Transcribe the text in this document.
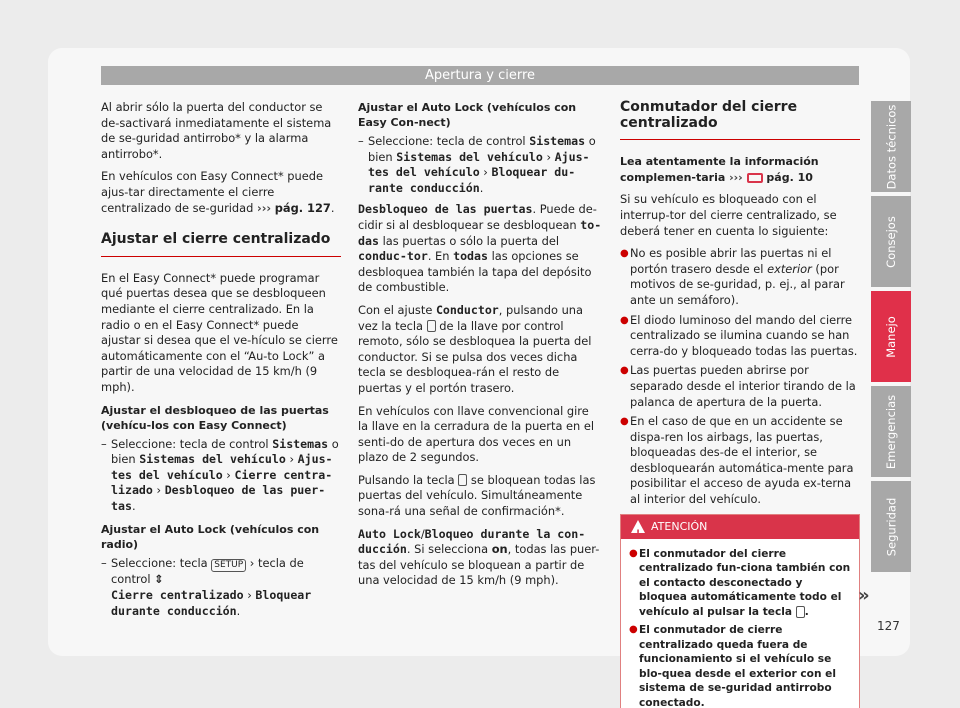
Apertura y cierre

Al abrir sólo la puerta del conductor se de-sactivará inmediatamente el sistema de se-guridad antirrobo* y la alarma antirrobo*.

En vehículos con Easy Connect* puede ajus-tar directamente el cierre centralizado de se-guridad ››› pág. 127.

Ajustar el cierre centralizado

En el Easy Connect* puede programar qué puertas desea que se desbloqueen mediante el cierre centralizado. En la radio o en el Easy Connect* puede ajustar si desea que el ve-hículo se cierre automáticamente con el “Au-to Lock” a partir de una velocidad de 15 km/h (9 mph).

Ajustar el desbloqueo de las puertas (vehícu-los con Easy Connect)
– Seleccione: tecla de control Sistemas o bien Sistemas del vehículo › Ajus-tes del vehículo › Cierre centra-lizado › Desbloqueo de las puer-tas.
Ajustar el Auto Lock (vehículos con radio)
– Seleccione: tecla SETUP › tecla de control ⇕
Cierre centralizado › Bloquear durante conducción.
Ajustar el Auto Lock (vehículos con Easy Con-nect)
– Seleccione: tecla de control Sistemas o bien Sistemas del vehículo › Ajus-tes del vehículo › Bloquear du-rante conducción.

Desbloqueo de las puertas. Puede de-cidir si al desbloquear se desbloquean to-das las puertas o sólo la puerta del conduc-tor. En todas las opciones se desbloquea también la tapa del depósito de combustible.

Con el ajuste Conductor, pulsando una vez la tecla  de la llave por control remoto, sólo se desbloquea la puerta del conductor. Si se pulsa dos veces dicha tecla se desbloquea-rán el resto de puertas y el portón trasero.

En vehículos con llave convencional gire la llave en la cerradura de la puerta en el senti-do de apertura dos veces en un plazo de 2 segundos.

Pulsando la tecla  se bloquean todas las puertas del vehículo. Simultáneamente sona-rá una señal de confirmación*.

Auto Lock/Bloqueo durante la con-ducción. Si selecciona on, todas las puer-tas del vehículo se bloquean a partir de una velocidad de 15 km/h (9 mph).

Conmutador del cierre centralizado

Lea atentamente la información complemen-taria ››› pág. 10

Si su vehículo es bloqueado con el interrup-tor del cierre centralizado, se deberá tener en cuenta lo siguiente:

● No es posible abrir las puertas ni el portón trasero desde el exterior (por motivos de se-guridad, p. ej., al parar ante un semáforo).
● El diodo luminoso del mando del cierre centralizado se ilumina cuando se han cerra-do y bloqueado todas las puertas.
● Las puertas pueden abrirse por separado desde el interior tirando de la palanca de apertura de la puerta.
● En el caso de que en un accidente se dispa-ren los airbags, las puertas, bloqueadas des-de el interior, se desbloquearán automática-mente para posibilitar el acceso de ayuda ex-terna al interior del vehículo.
!
ATENCIÓN
● El conmutador del cierre centralizado fun-ciona también con el contacto desconectado y bloquea automáticamente todo el vehículo al pulsar la tecla .
● El conmutador de cierre centralizado queda fuera de funcionamiento si el vehículo se blo-quea desde el exterior con el sistema de se-guridad antirrobo conectado.
»
127
Datos técnicos
Consejos
Manejo
Emergencias
Seguridad
